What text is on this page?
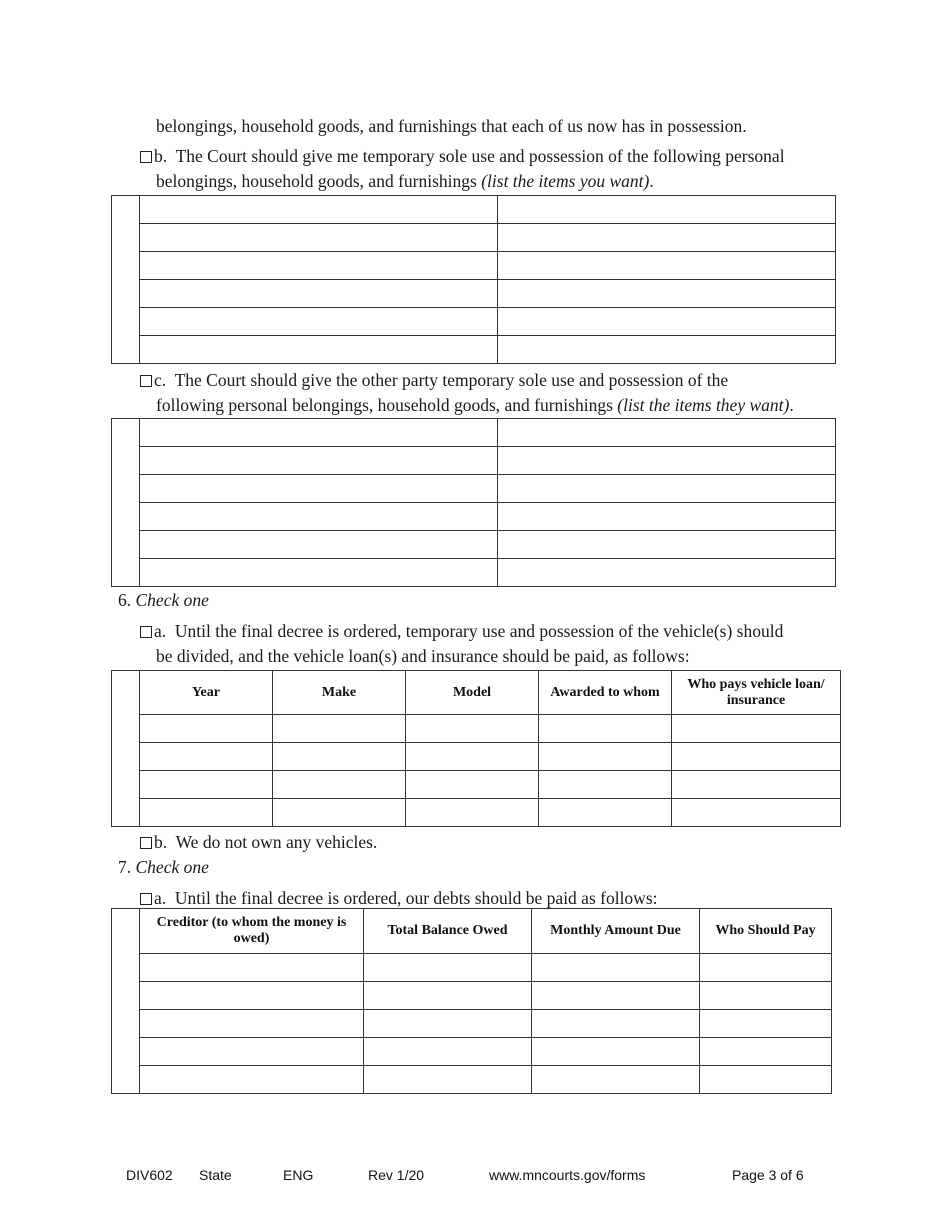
belongings, household goods, and furnishings that each of us now has in possession.
b. The Court should give me temporary sole use and possession of the following personal
belongings, household goods, and furnishings (list the items you want).

c. The Court should give the other party temporary sole use and possession of the
following personal belongings, household goods, and furnishings (list the items they want).

6. Check one
a. Until the final decree is ordered, temporary use and possession of the vehicle(s) should
be divided, and the vehicle loan(s) and insurance should be paid, as follows:
	Year	Make	Model	Awarded to whom	Who pays vehicle loan/ insurance

b. We do not own any vehicles.
7. Check one
a. Until the final decree is ordered, our debts should be paid as follows:
	Creditor (to whom the money is owed)	Total Balance Owed	Monthly Amount Due	Who Should Pay

DIV602 State	ENG	Rev 1/20	www.mncourts.gov/forms	Page 3 of 6
